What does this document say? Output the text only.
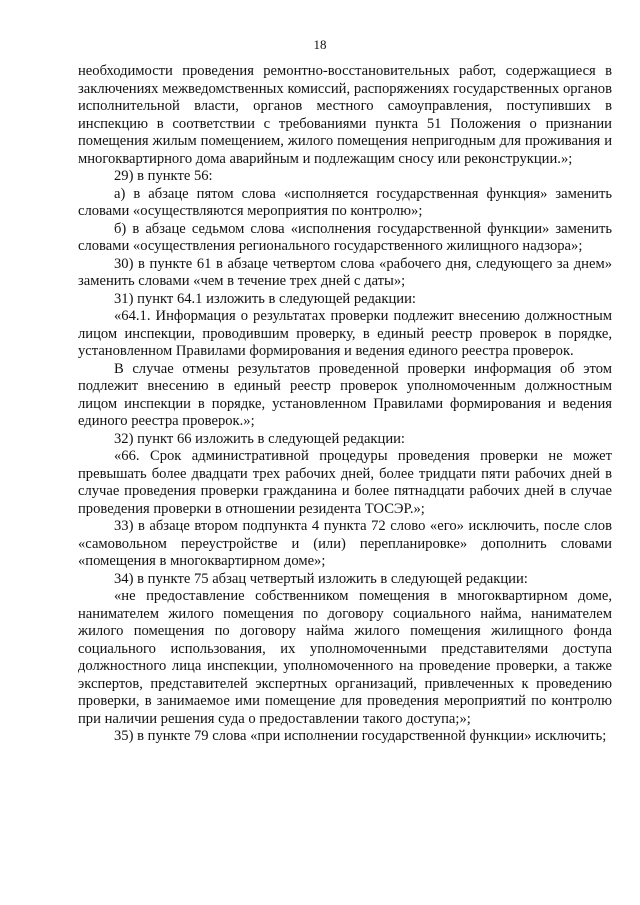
18

необходимости проведения ремонтно-восстановительных работ, содержащиеся в заключениях межведомственных комиссий, распоряжениях государственных органов исполнительной власти, органов местного самоуправления, поступивших в инспекцию в соответствии с требованиями пункта 51 Положения о признании помещения жилым помещением, жилого помещения непригодным для проживания и многоквартирного дома аварийным и подлежащим сносу или реконструкции.»;

29) в пункте 56:

а) в абзаце пятом слова «исполняется государственная функция» заменить словами «осуществляются мероприятия по контролю»;

б) в абзаце седьмом слова «исполнения государственной функции» заменить словами «осуществления регионального государственного жилищного надзора»;

30) в пункте 61 в абзаце четвертом слова «рабочего дня, следующего за днем» заменить словами «чем в течение трех дней с даты»;

31) пункт 64.1 изложить в следующей редакции:

«64.1. Информация о результатах проверки подлежит внесению должностным лицом инспекции, проводившим проверку, в единый реестр проверок в порядке, установленном Правилами формирования и ведения единого реестра проверок.

В случае отмены результатов проведенной проверки информация об этом подлежит внесению в единый реестр проверок уполномоченным должностным лицом инспекции в порядке, установленном Правилами формирования и ведения единого реестра проверок.»;

32) пункт 66 изложить в следующей редакции:

«66. Срок административной процедуры проведения проверки не может превышать более двадцати трех рабочих дней, более тридцати пяти рабочих дней в случае проведения проверки гражданина и более пятнадцати рабочих дней в случае проведения проверки в отношении резидента ТОСЭР.»;

33) в абзаце втором подпункта 4 пункта 72 слово «его» исключить, после слов «самовольном переустройстве и (или) перепланировке» дополнить словами «помещения в многоквартирном доме»;

34) в пункте 75 абзац четвертый изложить в следующей редакции:

«не предоставление собственником помещения в многоквартирном доме, нанимателем жилого помещения по договору социального найма, нанимателем жилого помещения по договору найма жилого помещения жилищного фонда социального использования, их уполномоченными представителями доступа должностного лица инспекции, уполномоченного на проведение проверки, а также экспертов, представителей экспертных организаций, привлеченных к проведению проверки, в занимаемое ими помещение для проведения мероприятий по контролю при наличии решения суда о предоставлении такого доступа;»;

35) в пункте 79 слова «при исполнении государственной функции» исключить;
